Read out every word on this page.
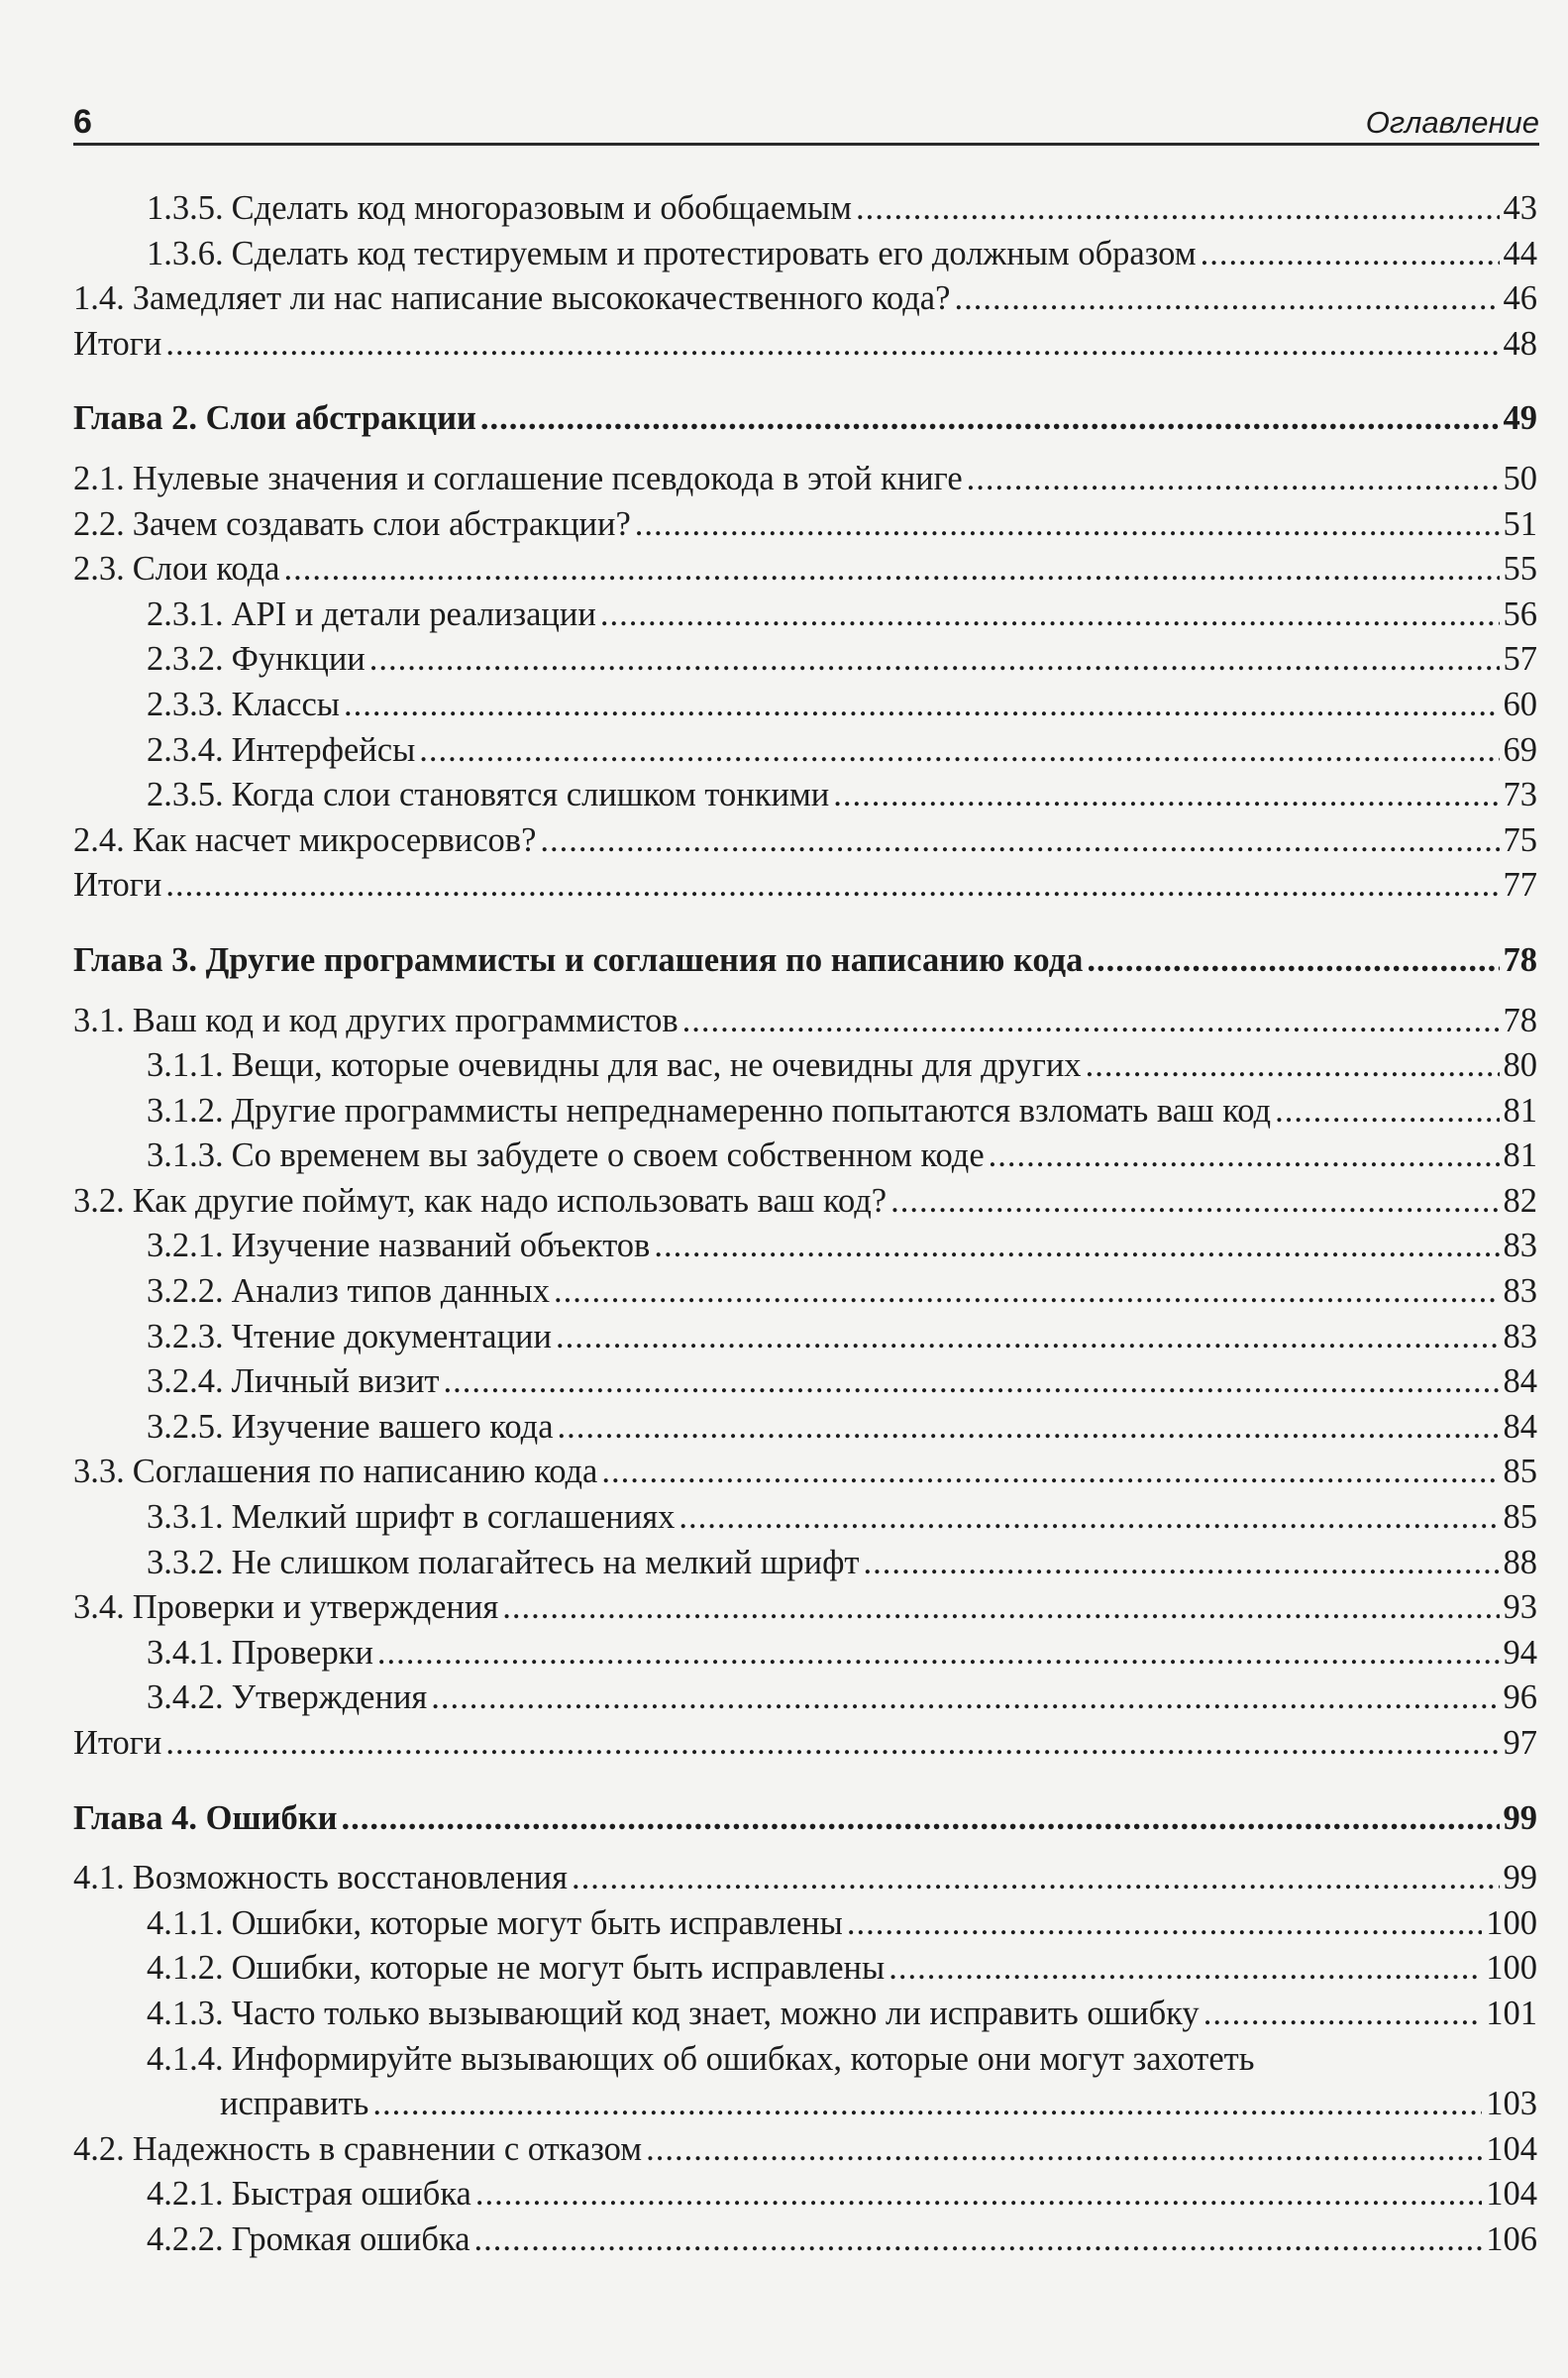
6	Оглавление
1.3.5. Сделать код многоразовым и обобщаемым .....	43
1.3.6. Сделать код тестируемым и протестировать его должным образом .....	44
1.4. Замедляет ли нас написание высококачественного кода? .....	46
Итоги .....	48
Глава 2. Слои абстракции .....	49
2.1. Нулевые значения и соглашение псевдокода в этой книге .....	50
2.2. Зачем создавать слои абстракции? .....	51
2.3. Слои кода .....	55
2.3.1. API и детали реализации .....	56
2.3.2. Функции .....	57
2.3.3. Классы .....	60
2.3.4. Интерфейсы .....	69
2.3.5. Когда слои становятся слишком тонкими .....	73
2.4. Как насчет микросервисов? .....	75
Итоги .....	77
Глава 3. Другие программисты и соглашения по написанию кода .....	78
3.1. Ваш код и код других программистов .....	78
3.1.1. Вещи, которые очевидны для вас, не очевидны для других .....	80
3.1.2. Другие программисты непреднамеренно попытаются взломать ваш код .....	81
3.1.3. Со временем вы забудете о своем собственном коде .....	81
3.2. Как другие поймут, как надо использовать ваш код? .....	82
3.2.1. Изучение названий объектов .....	83
3.2.2. Анализ типов данных .....	83
3.2.3. Чтение документации .....	83
3.2.4. Личный визит .....	84
3.2.5. Изучение вашего кода .....	84
3.3. Соглашения по написанию кода .....	85
3.3.1. Мелкий шрифт в соглашениях .....	85
3.3.2. Не слишком полагайтесь на мелкий шрифт .....	88
3.4. Проверки и утверждения .....	93
3.4.1. Проверки .....	94
3.4.2. Утверждения .....	96
Итоги .....	97
Глава 4. Ошибки .....	99
4.1. Возможность восстановления .....	99
4.1.1. Ошибки, которые могут быть исправлены .....	100
4.1.2. Ошибки, которые не могут быть исправлены .....	100
4.1.3. Часто только вызывающий код знает, можно ли исправить ошибку .....	101
4.1.4. Информируйте вызывающих об ошибках, которые они могут захотеть
исправить .....	103
4.2. Надежность в сравнении с отказом .....	104
4.2.1. Быстрая ошибка .....	104
4.2.2. Громкая ошибка .....	106
